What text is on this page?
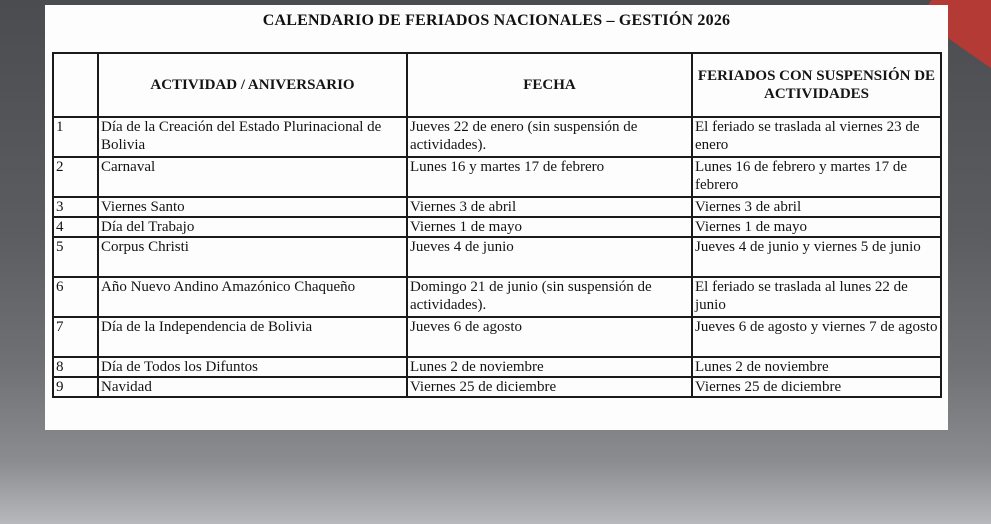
CALENDARIO DE FERIADOS NACIONALES – GESTIÓN 2026
	ACTIVIDAD / ANIVERSARIO	FECHA	FERIADOS CON SUSPENSIÓN DE ACTIVIDADES
1	Día de la Creación del Estado Plurinacional de Bolivia	Jueves 22 de enero (sin suspensión de actividades).	El feriado se traslada al viernes 23 de enero
2	Carnaval	Lunes 16 y martes 17 de febrero	Lunes 16 de febrero y martes 17 de febrero
3	Viernes Santo	Viernes 3 de abril	Viernes 3 de abril
4	Día del Trabajo	Viernes 1 de mayo	Viernes 1 de mayo
5	Corpus Christi	Jueves 4 de junio	Jueves 4 de junio y viernes 5 de junio
6	Año Nuevo Andino Amazónico Chaqueño	Domingo 21 de junio (sin suspensión de actividades).	El feriado se traslada al lunes 22 de junio
7	Día de la Independencia de Bolivia	Jueves 6 de agosto	Jueves 6 de agosto y viernes 7 de agosto
8	Día de Todos los Difuntos	Lunes 2 de noviembre	Lunes 2 de noviembre
9	Navidad	Viernes 25 de diciembre	Viernes 25 de diciembre
